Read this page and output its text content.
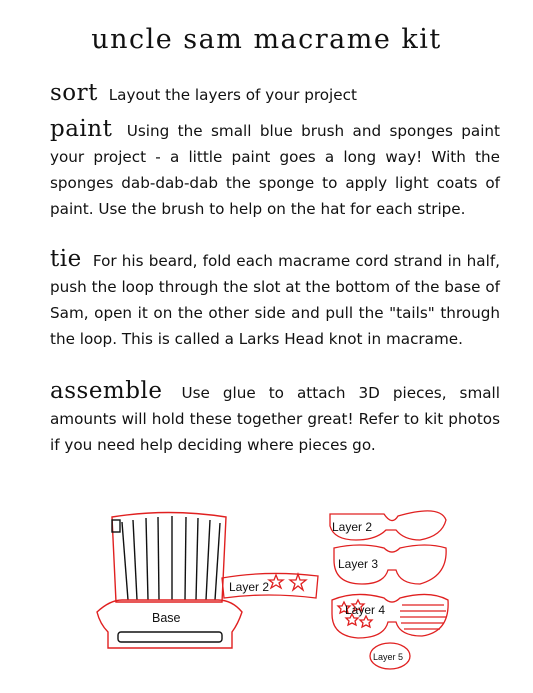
uncle sam macrame kit

sort Layout the layers of your project

paint Using the small blue brush and sponges paint your project - a little paint goes a long way! With the sponges dab-dab-dab the sponge to apply light coats of paint. Use the brush to help on the hat for each stripe.

tie For his beard, fold each macrame cord strand in half, push the loop through the slot at the bottom of the base of Sam, open it on the other side and pull the "tails" through the loop. This is called a Larks Head knot in macrame.

assemble Use glue to attach 3D pieces, small amounts will hold these together great! Refer to kit photos if you need help deciding where pieces go.

Base
Layer 2
Layer 2
Layer 3
Layer 4
Layer 5
